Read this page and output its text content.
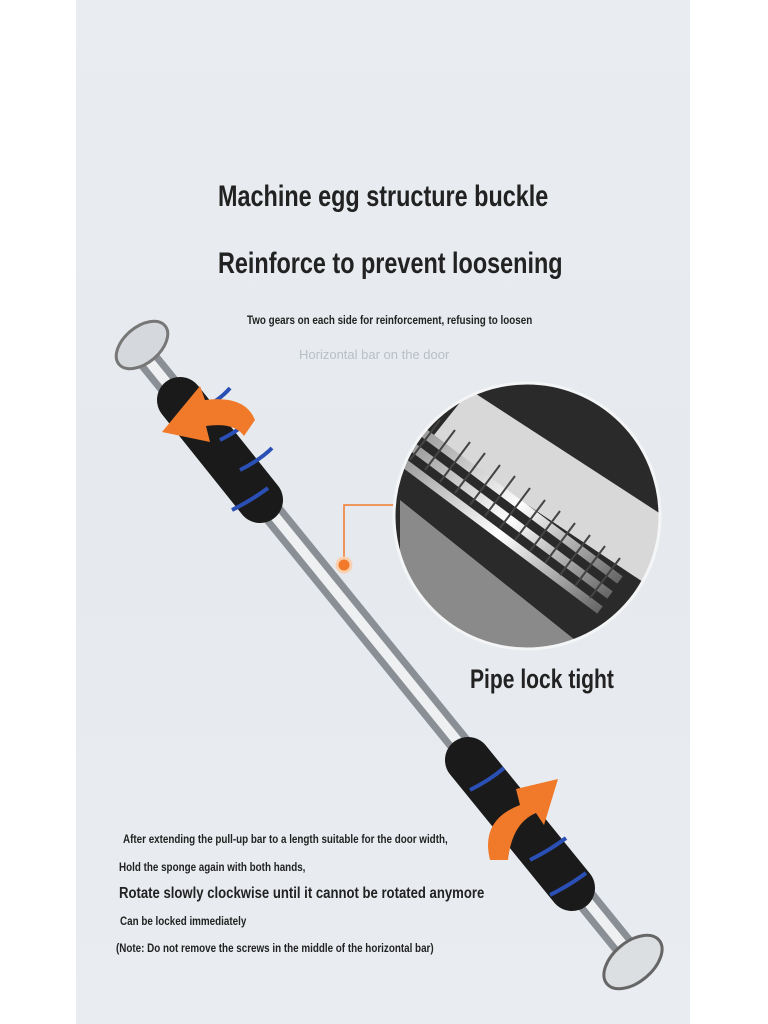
Machine egg structure buckle
Reinforce to prevent loosening
Two gears on each side for reinforcement, refusing to loosen
Horizontal bar on the door
Pipe lock tight
After extending the pull-up bar to a length suitable for the door width,
Hold the sponge again with both hands,
Rotate slowly clockwise until it cannot be rotated anymore
Can be locked immediately
(Note: Do not remove the screws in the middle of the horizontal bar)
